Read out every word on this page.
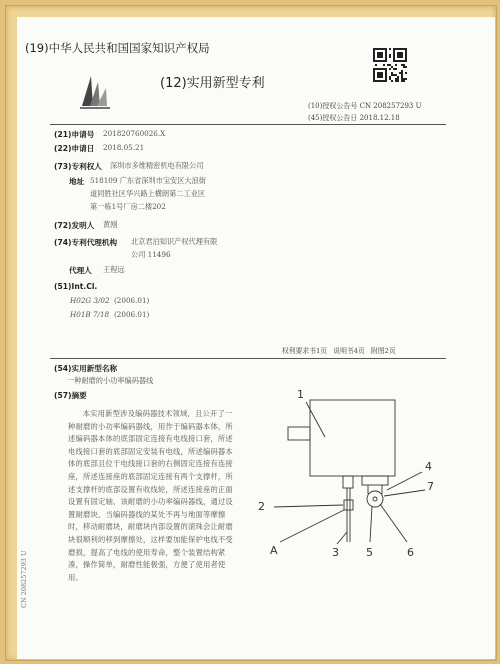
(19)中华人民共和国国家知识产权局
(12)实用新型专利
(10)授权公告号 CN 208257293 U
(45)授权公告日 2018.12.18
(21)申请号 201820760026.X
(22)申请日 2018.05.21
(73)专利权人 深圳市多维精密机电有限公司
地址 518109 广东省深圳市宝安区大浪街
道同胜社区华兴路上横朗第二工业区
第一栋1号厂房二楼202
(72)发明人 黄刚
(74)专利代理机构 北京君泊知识产权代理有限
公司 11496
代理人 王程远
(51)Int.Cl.
H02G 3/02 (2006.01)
H01B 7/18 (2006.01)
权利要求书1页 说明书4页 附图2页
(54)实用新型名称
一种耐磨的小功率编码器线
(57)摘要

本实用新型涉及编码器技术领域，且公开了一种耐磨的小功率编码器线，用作于编码器本体，所述编码器本体的底部固定连接有电线接口套，所述电线接口套的底部固定安装有电线，所述编码器本体的底部且位于电线接口套的右侧固定连接有连接座，所述连接座的底部固定连接有两个支撑杆，所述支撑杆的底部设置有收线轮，所述连接座的正面设置有固定轴，该耐磨的小功率编码器线，通过设置耐磨块，当编码器线的某处不再与地面等摩擦时，移动耐磨块，耐磨块内部设置的滚珠会让耐磨块很顺利的移到摩擦处，这样要加能保护电线不受磨损，提高了电线的使用寿命，整个装置结构紧凑，操作简单，耐磨性能极强，方便了使用者使用。

CN 208257293 U
1
2
A	3 5	6
4
7
